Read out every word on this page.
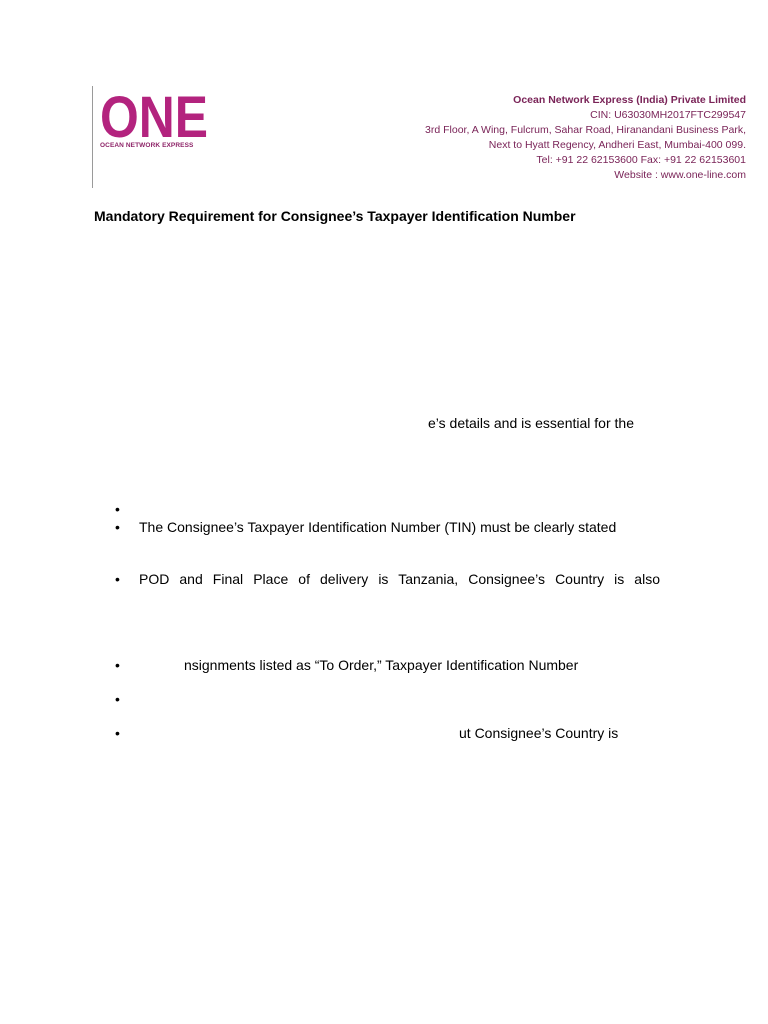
ONE
OCEAN NETWORK EXPRESS
Ocean Network Express (India) Private Limited
CIN: U63030MH2017FTC299547
3rd Floor, A Wing, Fulcrum, Sahar Road, Hiranandani Business Park,
Next to Hyatt Regency, Andheri East, Mumbai-400 099.
Tel: +91 22 62153600 Fax: +91 22 62153601
Website : www.one-line.com
Mandatory Requirement for Consignee’s Taxpayer Identification Number
e’s details and is essential for the
•
• The Consignee’s Taxpayer Identification Number (TIN) must be clearly stated
• POD and Final Place of delivery is Tanzania, Consignee’s Country is also
•	nsignments listed as “To Order,” Taxpayer Identification Number
•
•	ut Consignee’s Country is
